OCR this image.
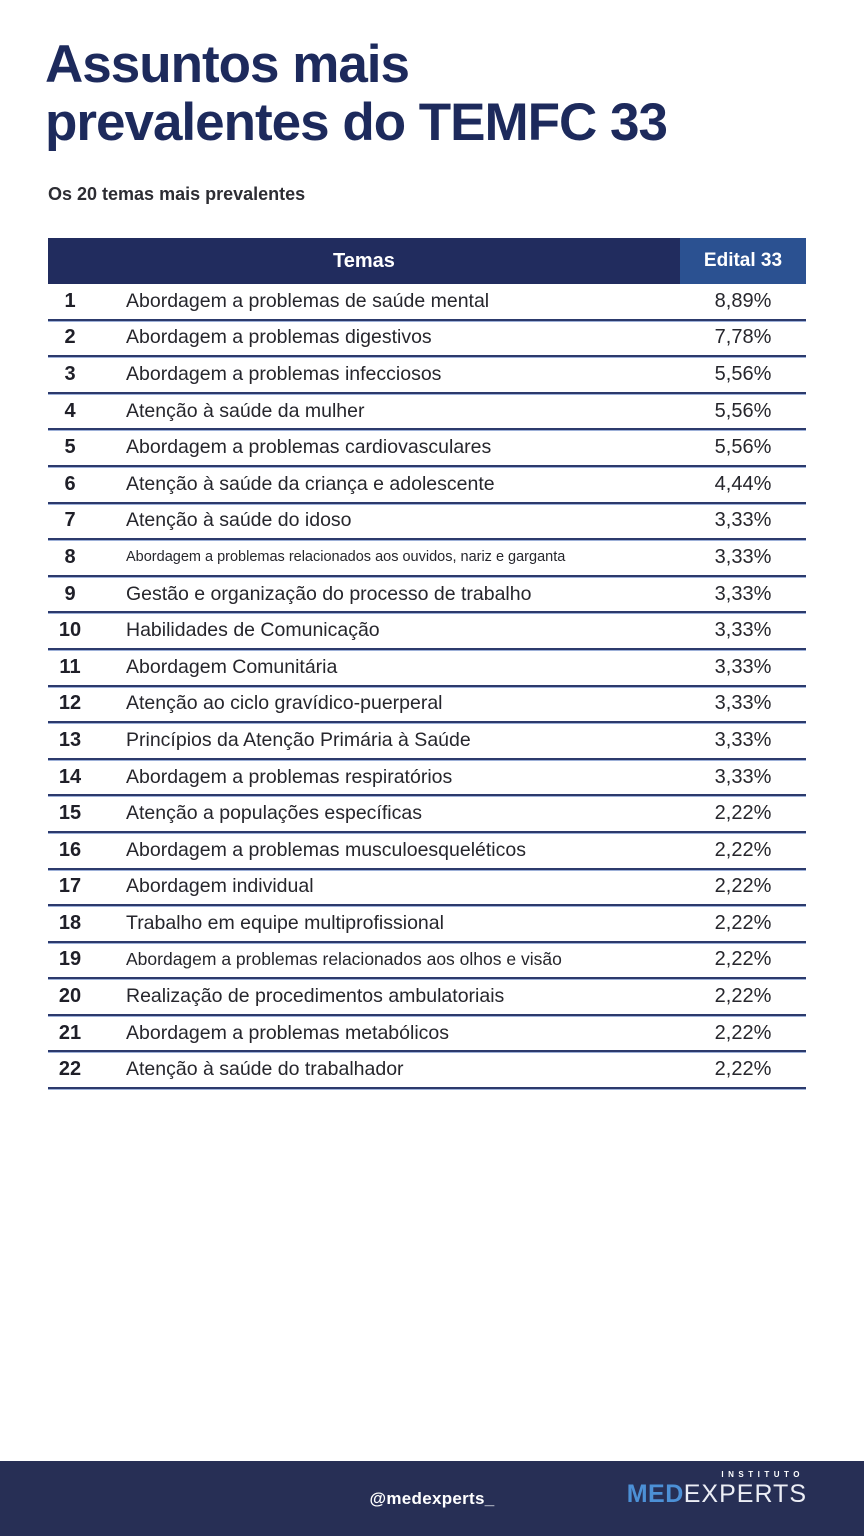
Assuntos mais
prevalentes do TEMFC 33
Os 20 temas mais prevalentes
Temas	Edital 33
1	Abordagem a problemas de saúde mental	8,89%
2	Abordagem a problemas digestivos	7,78%
3	Abordagem a problemas infecciosos	5,56%
4	Atenção à saúde da mulher	5,56%
5	Abordagem a problemas cardiovasculares	5,56%
6	Atenção à saúde da criança e adolescente	4,44%
7	Atenção à saúde do idoso	3,33%
8	Abordagem a problemas relacionados aos ouvidos, nariz e garganta	3,33%
9	Gestão e organização do processo de trabalho	3,33%
10	Habilidades de Comunicação	3,33%
11	Abordagem Comunitária	3,33%
12	Atenção ao ciclo gravídico-puerperal	3,33%
13	Princípios da Atenção Primária à Saúde	3,33%
14	Abordagem a problemas respiratórios	3,33%
15	Atenção a populações específicas	2,22%
16	Abordagem a problemas musculoesqueléticos	2,22%
17	Abordagem individual	2,22%
18	Trabalho em equipe multiprofissional	2,22%
19	Abordagem a problemas relacionados aos olhos e visão	2,22%
20	Realização de procedimentos ambulatoriais	2,22%
21	Abordagem a problemas metabólicos	2,22%
22	Atenção à saúde do trabalhador	2,22%
@medexperts_
INSTITUTO
MEDEXPERTS
